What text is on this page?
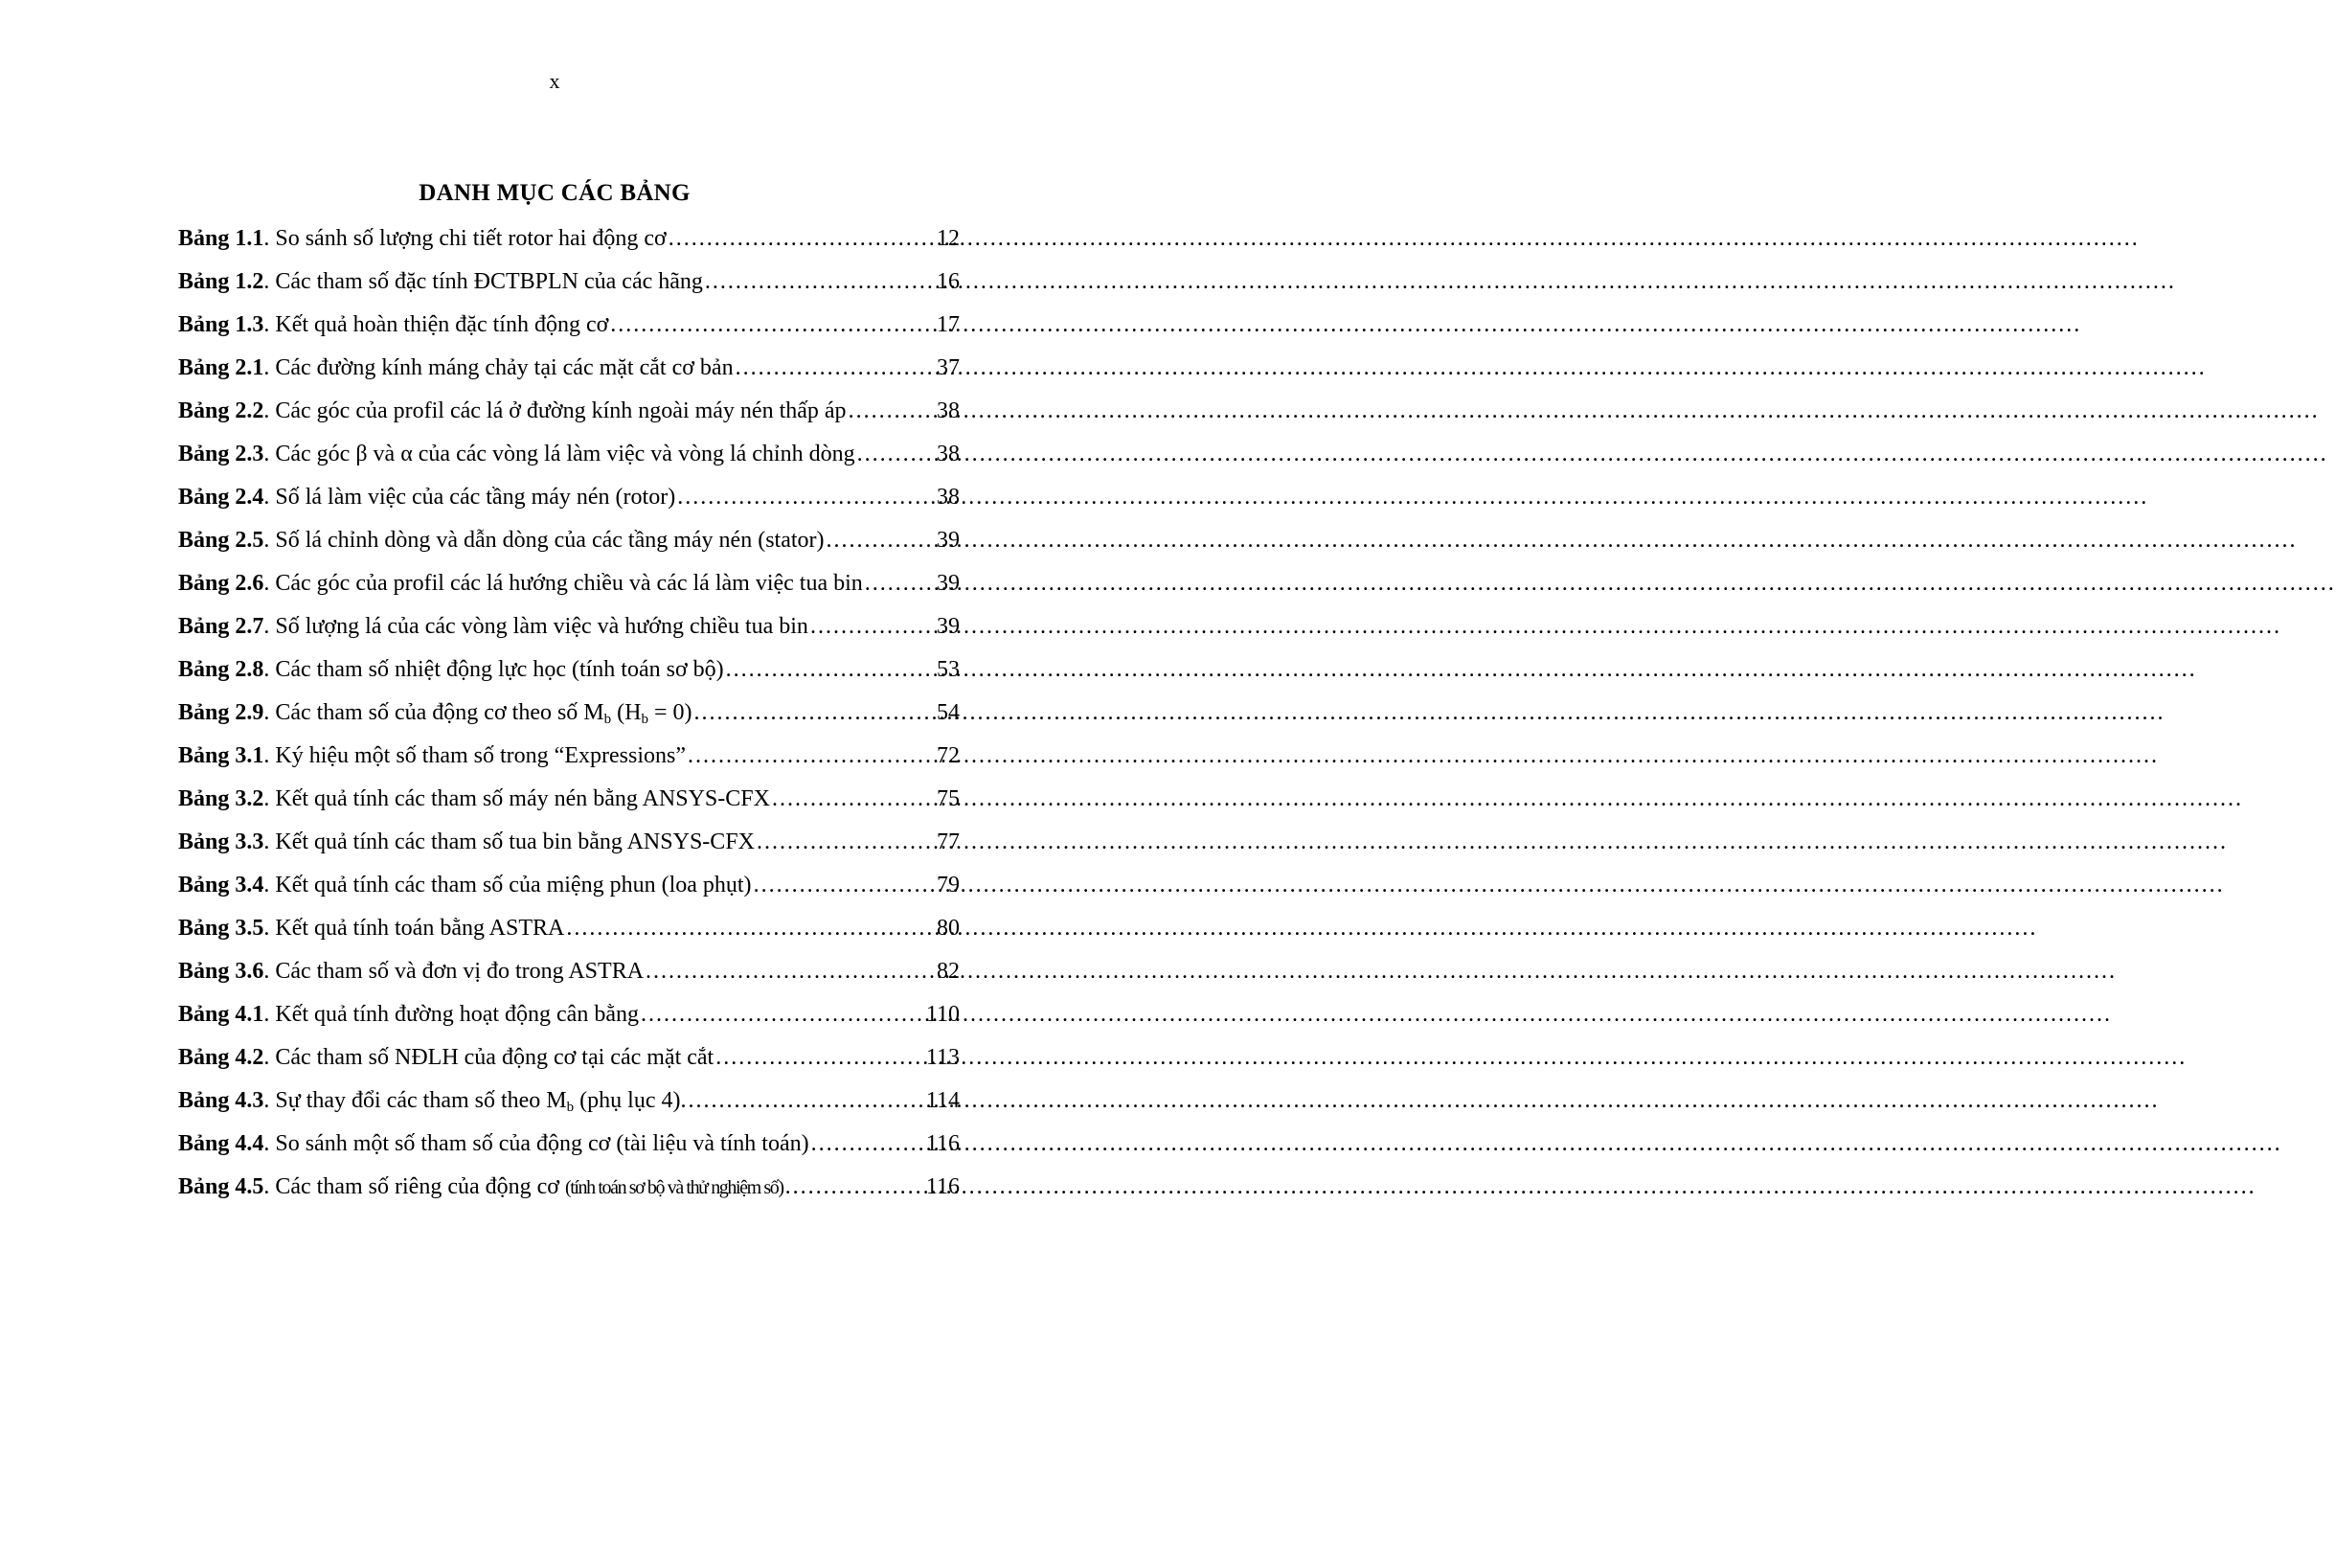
x
DANH MỤC CÁC BẢNG
Bảng 1.1 . So sánh số lượng chi tiết rotor hai động cơ .....	12
Bảng 1.2 . Các tham số đặc tính ĐCTBPLN của các hãng .....	16
Bảng 1.3 . Kết quả hoàn thiện đặc tính động cơ .....	17
Bảng 2.1 . Các đường kính máng chảy tại các mặt cắt cơ bản .....	37
Bảng 2.2 . Các góc của profil các lá ở đường kính ngoài máy nén thấp áp .....	38
Bảng 2.3 . Các góc β và α của các vòng lá làm việc và vòng lá chỉnh dòng .....	38
Bảng 2.4 . Số lá làm việc của các tầng máy nén (rotor) .....	38
Bảng 2.5 . Số lá chỉnh dòng và dẫn dòng của các tầng máy nén (stator) .....	39
Bảng 2.6 . Các góc của profil các lá hướng chiều và các lá làm việc tua bin .....	39
Bảng 2.7 . Số lượng lá của các vòng làm việc và hướng chiều tua bin .....	39
Bảng 2.8 . Các tham số nhiệt động lực học (tính toán sơ bộ) .....	53
Bảng 2.9 . Các tham số của động cơ theo số $M_b$ $(H_b = 0)$ .....	54
Bảng 3.1 . Ký hiệu một số tham số trong “Expressions” .....	72
Bảng 3.2 . Kết quả tính các tham số máy nén bằng ANSYS-CFX .....	75
Bảng 3.3 . Kết quả tính các tham số tua bin bằng ANSYS-CFX .....	77
Bảng 3.4 . Kết quả tính các tham số của miệng phun (loa phụt) .....	79
Bảng 3.5 . Kết quả tính toán bằng ASTRA .....	80
Bảng 3.6 . Các tham số và đơn vị đo trong ASTRA .....	82
Bảng 4.1 . Kết quả tính đường hoạt động cân bằng .....	110
Bảng 4.2 . Các tham số NĐLH của động cơ tại các mặt cắt .....	113
Bảng 4.3 . Sự thay đổi các tham số theo $M_b$ (phụ lục 4). .....	114
Bảng 4.4 . So sánh một số tham số của động cơ (tài liệu và tính toán) .....	116
Bảng 4.5 . Các tham số riêng của động cơ (tính toán sơ bộ và thử nghiệm số) .....	116
